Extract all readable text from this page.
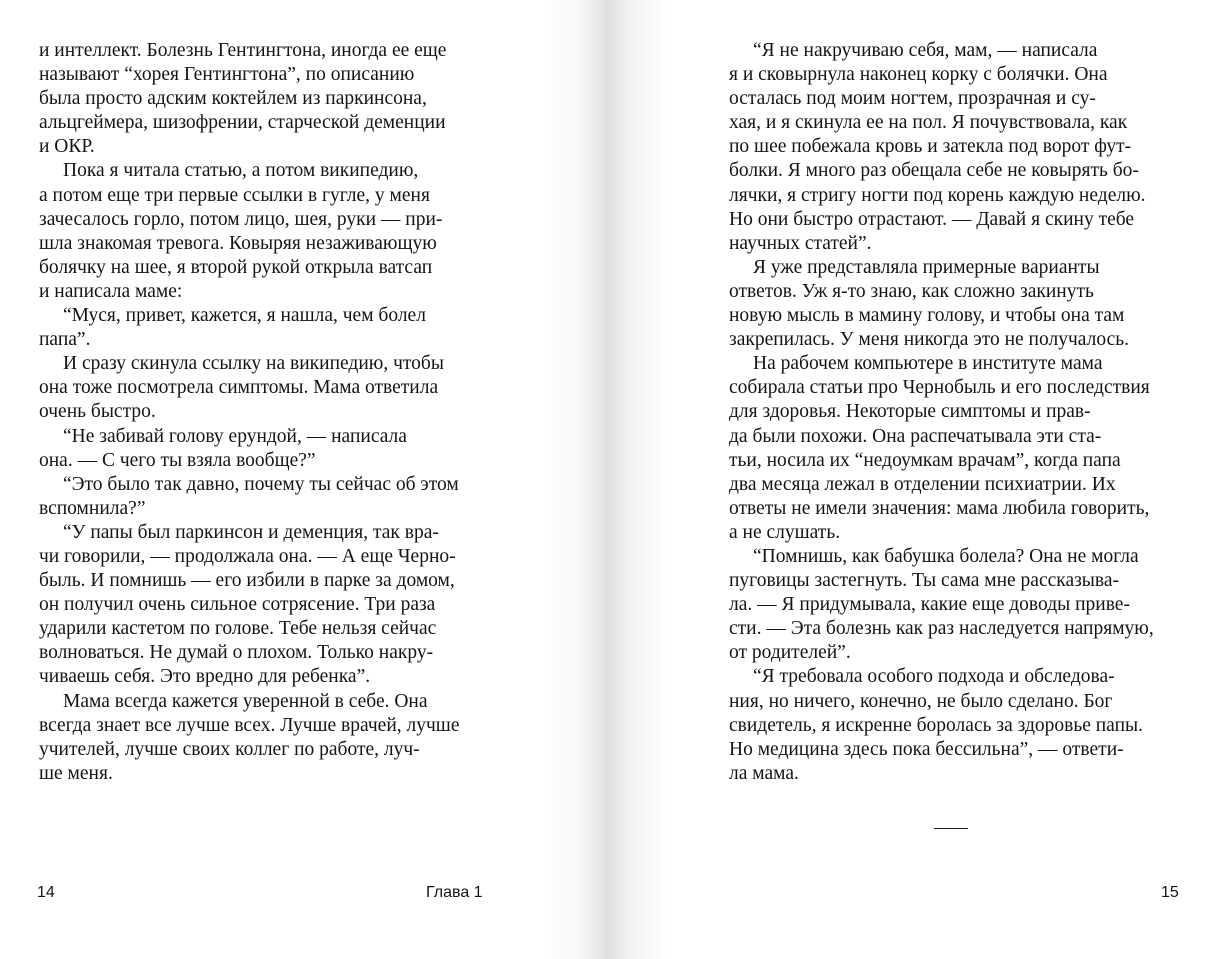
и интеллект. Болезнь Гентингтона, иногда ее еще
называют “хорея Гентингтона”, по описанию
была просто адским коктейлем из паркинсона,
альцгеймера, шизофрении, старческой деменции
и ОКР.
Пока я читала статью, а потом википедию,
а потом еще три первые ссылки в гугле, у меня
зачесалось горло, потом лицо, шея, руки — при-
шла знакомая тревога. Ковыряя незаживающую
болячку на шее, я второй рукой открыла ватсап
и написала маме:
“Муся, привет, кажется, я нашла, чем болел
папа”.
И сразу скинула ссылку на википедию, чтобы
она тоже посмотрела симптомы. Мама ответила
очень быстро.
“Не забивай голову ерундой, — написала
она. — С чего ты взяла вообще?”
“Это было так давно, почему ты сейчас об этом
вспомнила?”
“У папы был паркинсон и деменция, так вра-
чи говорили, — продолжала она. — А еще Черно-
быль. И помнишь — его избили в парке за домом,
он получил очень сильное сотрясение. Три раза
ударили кастетом по голове. Тебе нельзя сейчас
волноваться. Не думай о плохом. Только накру-
чиваешь себя. Это вредно для ребенка”.
Мама всегда кажется уверенной в себе. Она
всегда знает все лучше всех. Лучше врачей, лучше
учителей, лучше своих коллег по работе, луч-
ше меня.
14	Глава 1
“Я не накручиваю себя, мам, — написала
я и сковырнула наконец корку с болячки. Она
осталась под моим ногтем, прозрачная и су-
хая, и я скинула ее на пол. Я почувствовала, как
по шее побежала кровь и затекла под ворот фут-
болки. Я много раз обещала себе не ковырять бо-
лячки, я стригу ногти под корень каждую неделю.
Но они быстро отрастают. — Давай я скину тебе
научных статей”.
Я уже представляла примерные варианты
ответов. Уж я-то знаю, как сложно закинуть
новую мысль в мамину голову, и чтобы она там
закрепилась. У меня никогда это не получалось.
На рабочем компьютере в институте мама
собирала статьи про Чернобыль и его последствия
для здоровья. Некоторые симптомы и прав-
да были похожи. Она распечатывала эти ста-
тьи, носила их “недоумкам врачам”, когда папа
два месяца лежал в отделении психиатрии. Их
ответы не имели значения: мама любила говорить,
а не слушать.
“Помнишь, как бабушка болела? Она не могла
пуговицы застегнуть. Ты сама мне рассказыва-
ла. — Я придумывала, какие еще доводы приве-
сти. — Эта болезнь как раз наследуется напрямую,
от родителей”.
“Я требовала особого подхода и обследова-
ния, но ничего, конечно, не было сделано. Бог
свидетель, я искренне боролась за здоровье папы.
Но медицина здесь пока бессильна”, — ответи-
ла мама.
15
